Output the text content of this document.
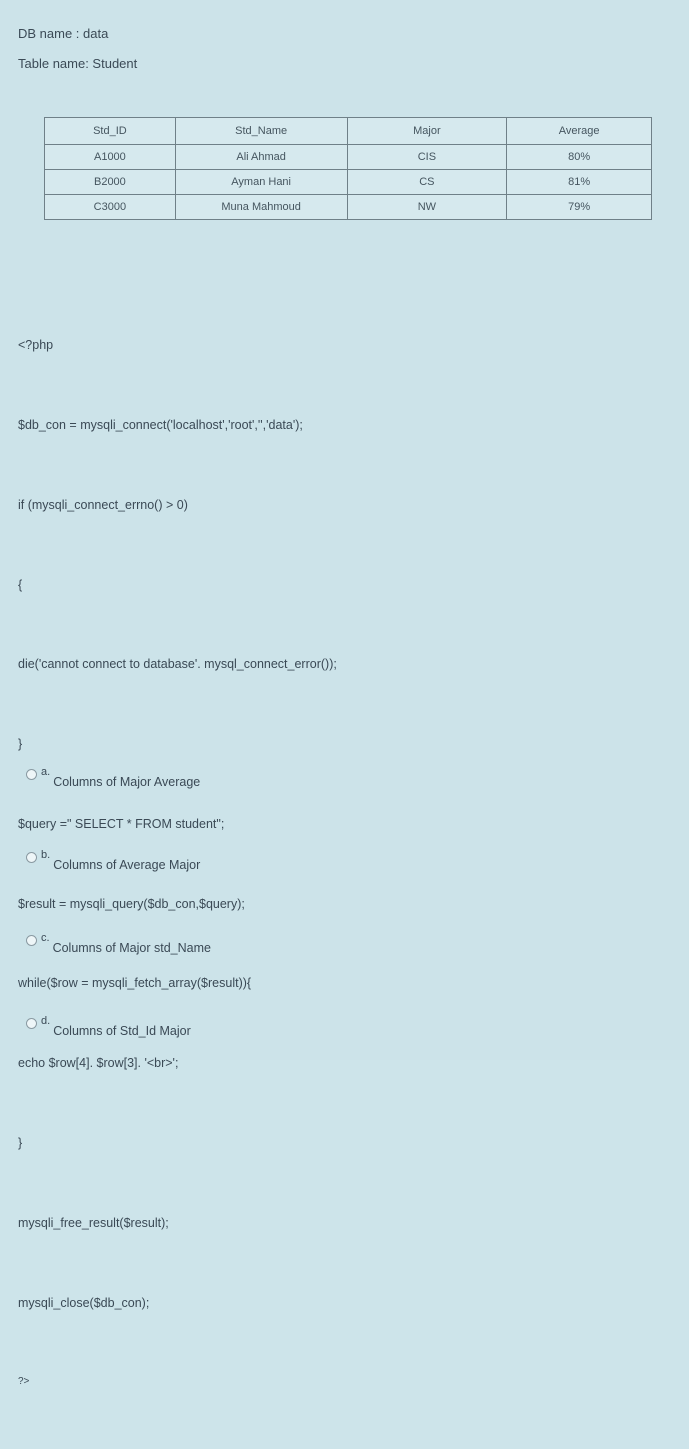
DB name : data
Table name: Student
Std_ID	Std_Name	Major	Average
A1000	Ali Ahmad	CIS	80%
B2000	Ayman Hani	CS	81%
C3000	Muna Mahmoud	NW	79%

<?php

$db_con = mysqli_connect('localhost','root','','data');

if (mysqli_connect_errno() > 0)

{

die('cannot connect to database'. mysql_connect_error());

}

$query =" SELECT * FROM student";

$result = mysqli_query($db_con,$query);

while($row = mysqli_fetch_array($result)){

echo $row[4]. $row[3]. '<br>';

}

mysqli_free_result($result);

mysqli_close($db_con);

?>

a.
Columns of Major Average
b.
Columns of Average Major
c.
Columns of Major std_Name
d.
Columns of Std_Id Major
